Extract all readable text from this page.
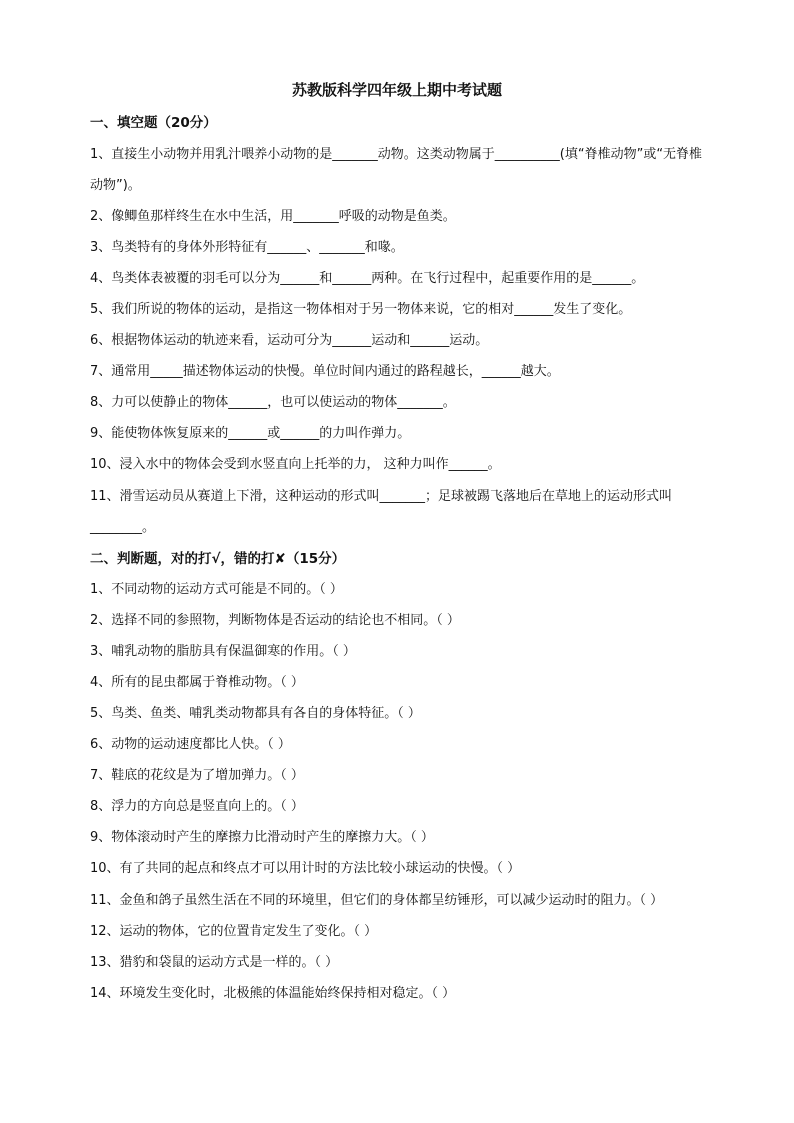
苏教版科学四年级上期中考试题
一、填空题（20分）
1、直接生小动物并用乳汁喂养小动物的是_______动物。这类动物属于__________(填“脊椎动物”或“无脊椎动物”)。
2、像鲫鱼那样终生在水中生活，用_______呼吸的动物是鱼类。
3、鸟类特有的身体外形特征有______、_______和喙。
4、鸟类体表被覆的羽毛可以分为______和______两种。在飞行过程中，起重要作用的是______。
5、我们所说的物体的运动，是指这一物体相对于另一物体来说，它的相对______发生了变化。
6、根据物体运动的轨迹来看，运动可分为______运动和______运动。
7、通常用_____描述物体运动的快慢。单位时间内通过的路程越长，______越大。
8、力可以使静止的物体______，也可以使运动的物体_______。
9、能使物体恢复原来的______或______的力叫作弹力。
10、浸入水中的物体会受到水竖直向上托举的力， 这种力叫作______。
11、滑雪运动员从赛道上下滑，这种运动的形式叫_______；足球被踢飞落地后在草地上的运动形式叫________。
二、判断题，对的打√，错的打✘（15分）
1、不同动物的运动方式可能是不同的。（ ）
2、选择不同的参照物，判断物体是否运动的结论也不相同。（ ）
3、哺乳动物的脂肪具有保温御寒的作用。（ ）
4、所有的昆虫都属于脊椎动物。（ ）
5、鸟类、鱼类、哺乳类动物都具有各自的身体特征。（ ）
6、动物的运动速度都比人快。（ ）
7、鞋底的花纹是为了增加弹力。（ ）
8、浮力的方向总是竖直向上的。（ ）
9、物体滚动时产生的摩擦力比滑动时产生的摩擦力大。（ ）
10、有了共同的起点和终点才可以用计时的方法比较小球运动的快慢。（ ）
11、金鱼和鸽子虽然生活在不同的环境里，但它们的身体都呈纺锤形，可以减少运动时的阻力。（ ）
12、运动的物体，它的位置肯定发生了变化。（ ）
13、猎豹和袋鼠的运动方式是一样的。（ ）
14、环境发生变化时，北极熊的体温能始终保持相对稳定。（ ）
